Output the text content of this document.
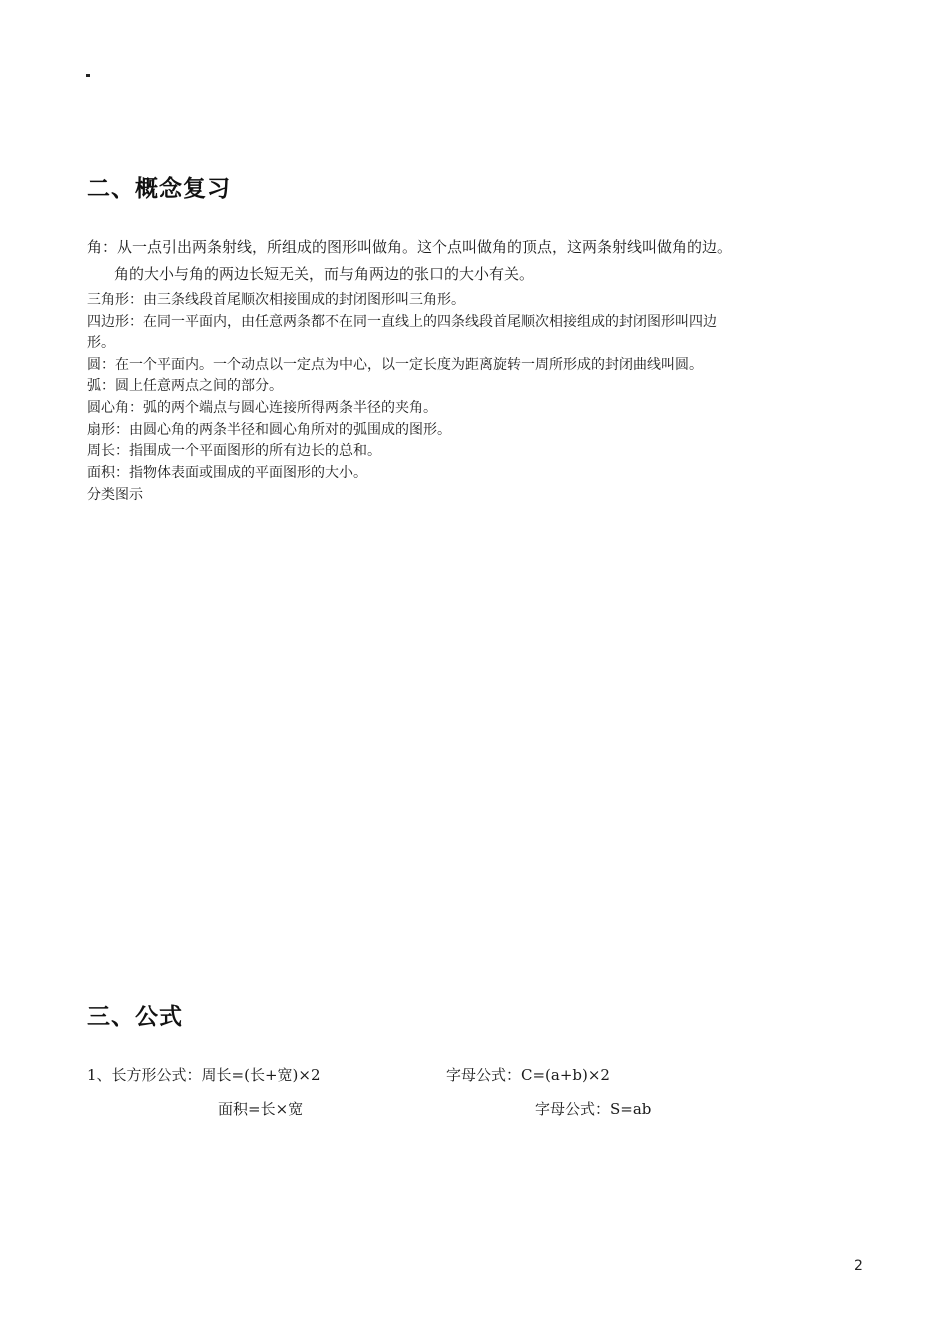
二、概念复习
角：从一点引出两条射线，所组成的图形叫做角。这个点叫做角的顶点，这两条射线叫做角的边。
角的大小与角的两边长短无关，而与角两边的张口的大小有关。
三角形：由三条线段首尾顺次相接围成的封闭图形叫三角形。
四边形：在同一平面内，由任意两条都不在同一直线上的四条线段首尾顺次相接组成的封闭图形叫四边
形。
圆：在一个平面内。一个动点以一定点为中心，以一定长度为距离旋转一周所形成的封闭曲线叫圆。
弧：圆上任意两点之间的部分。
圆心角：弧的两个端点与圆心连接所得两条半径的夹角。
扇形：由圆心角的两条半径和圆心角所对的弧围成的图形。
周长：指围成一个平面图形的所有边长的总和。
面积：指物体表面或围成的平面图形的大小。
分类图示
三、公式
1、长方形公式：周长=(长+宽)×2	字母公式：C=(a+b)×2
面积=长×宽	字母公式：S=ab
2
